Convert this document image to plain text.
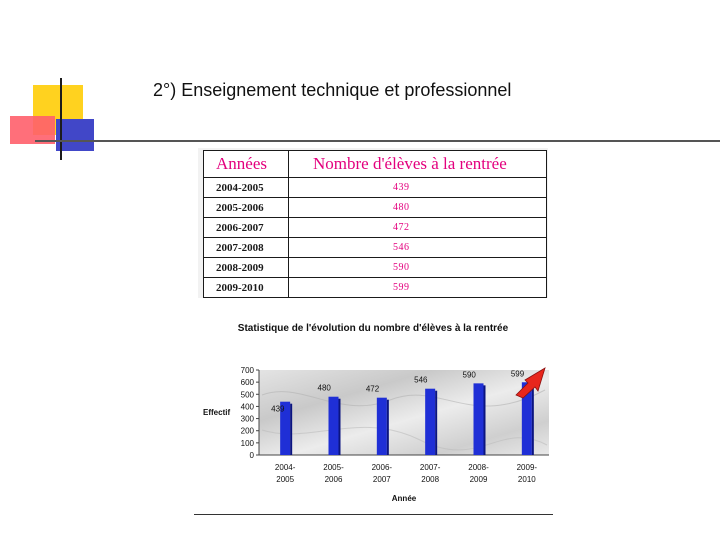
2°) Enseignement technique et professionnel
Années	Nombre d'élèves à la rentrée
2004-2005	439
2005-2006	480
2006-2007	472
2007-2008	546
2008-2009	590
2009-2010	599
Statistique de l'évolution du nombre d'élèves à la rentrée
0
100
200
300
400
500
600
700
439
480	472
546
590	599
2004-
2005
2005-
2006
2006-
2007
2007-
2008
2008-
2009
2009-
2010
Effectif
Année
